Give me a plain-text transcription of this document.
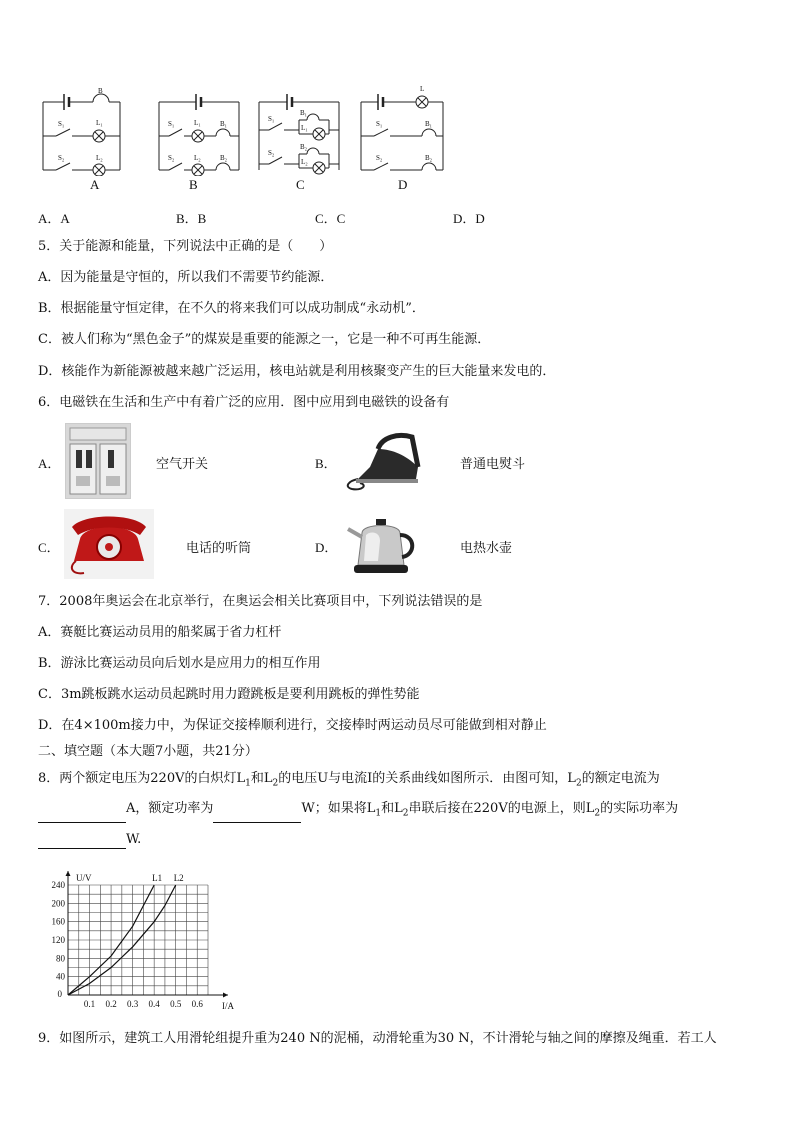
B
S₁	L₁
S₂	L₂
A
S₁	L₁	B₁
S₂	L₂	B₂
B
S₁
B₁
L₁
S₂
B₂
L₂
C
L
S₁	B₁
S₂	B₂
D
A．A	B．B	C．C	D．D
5．关于能源和能量，下列说法中正确的是（　　）
A．因为能量是守恒的，所以我们不需要节约能源．
B．根据能量守恒定律，在不久的将来我们可以成功制成“永动机”．
C．被人们称为“黑色金子”的煤炭是重要的能源之一，它是一种不可再生能源．
D．核能作为新能源被越来越广泛运用，核电站就是利用核聚变产生的巨大能量来发电的．
6．电磁铁在生活和生产中有着广泛的应用．图中应用到电磁铁的设备有
A．	空气开关	B．	普通电熨斗
C．	电话的听筒	D．	电热水壶
7．2008年奥运会在北京举行，在奥运会相关比赛项目中，下列说法错误的是
A．赛艇比赛运动员用的船桨属于省力杠杆
B．游泳比赛运动员向后划水是应用力的相互作用
C．3m跳板跳水运动员起跳时用力蹬跳板是要利用跳板的弹性势能
D．在4×100m接力中，为保证交接棒顺利进行，交接棒时两运动员尽可能做到相对静止
二、填空题（本大题7小题，共21分）
8．两个额定电压为220V的白炽灯$L_1$和$L_2$的电压U与电流I的关系曲线如图所示．由图可知，$L_2$的额定电流为
A，额定功率为	W；如果将$L_1$和$L_2$串联后接在220V的电源上，则$L_2$的实际功率为
W.
40
80
120
160
200
240
0
0.1 0.2 0.3 0.4 0.5 0.6 I/A
U/V	L1 L2
9．如图所示，建筑工人用滑轮组提升重为240 N的泥桶，动滑轮重为30 N，不计滑轮与轴之间的摩擦及绳重．若工人
